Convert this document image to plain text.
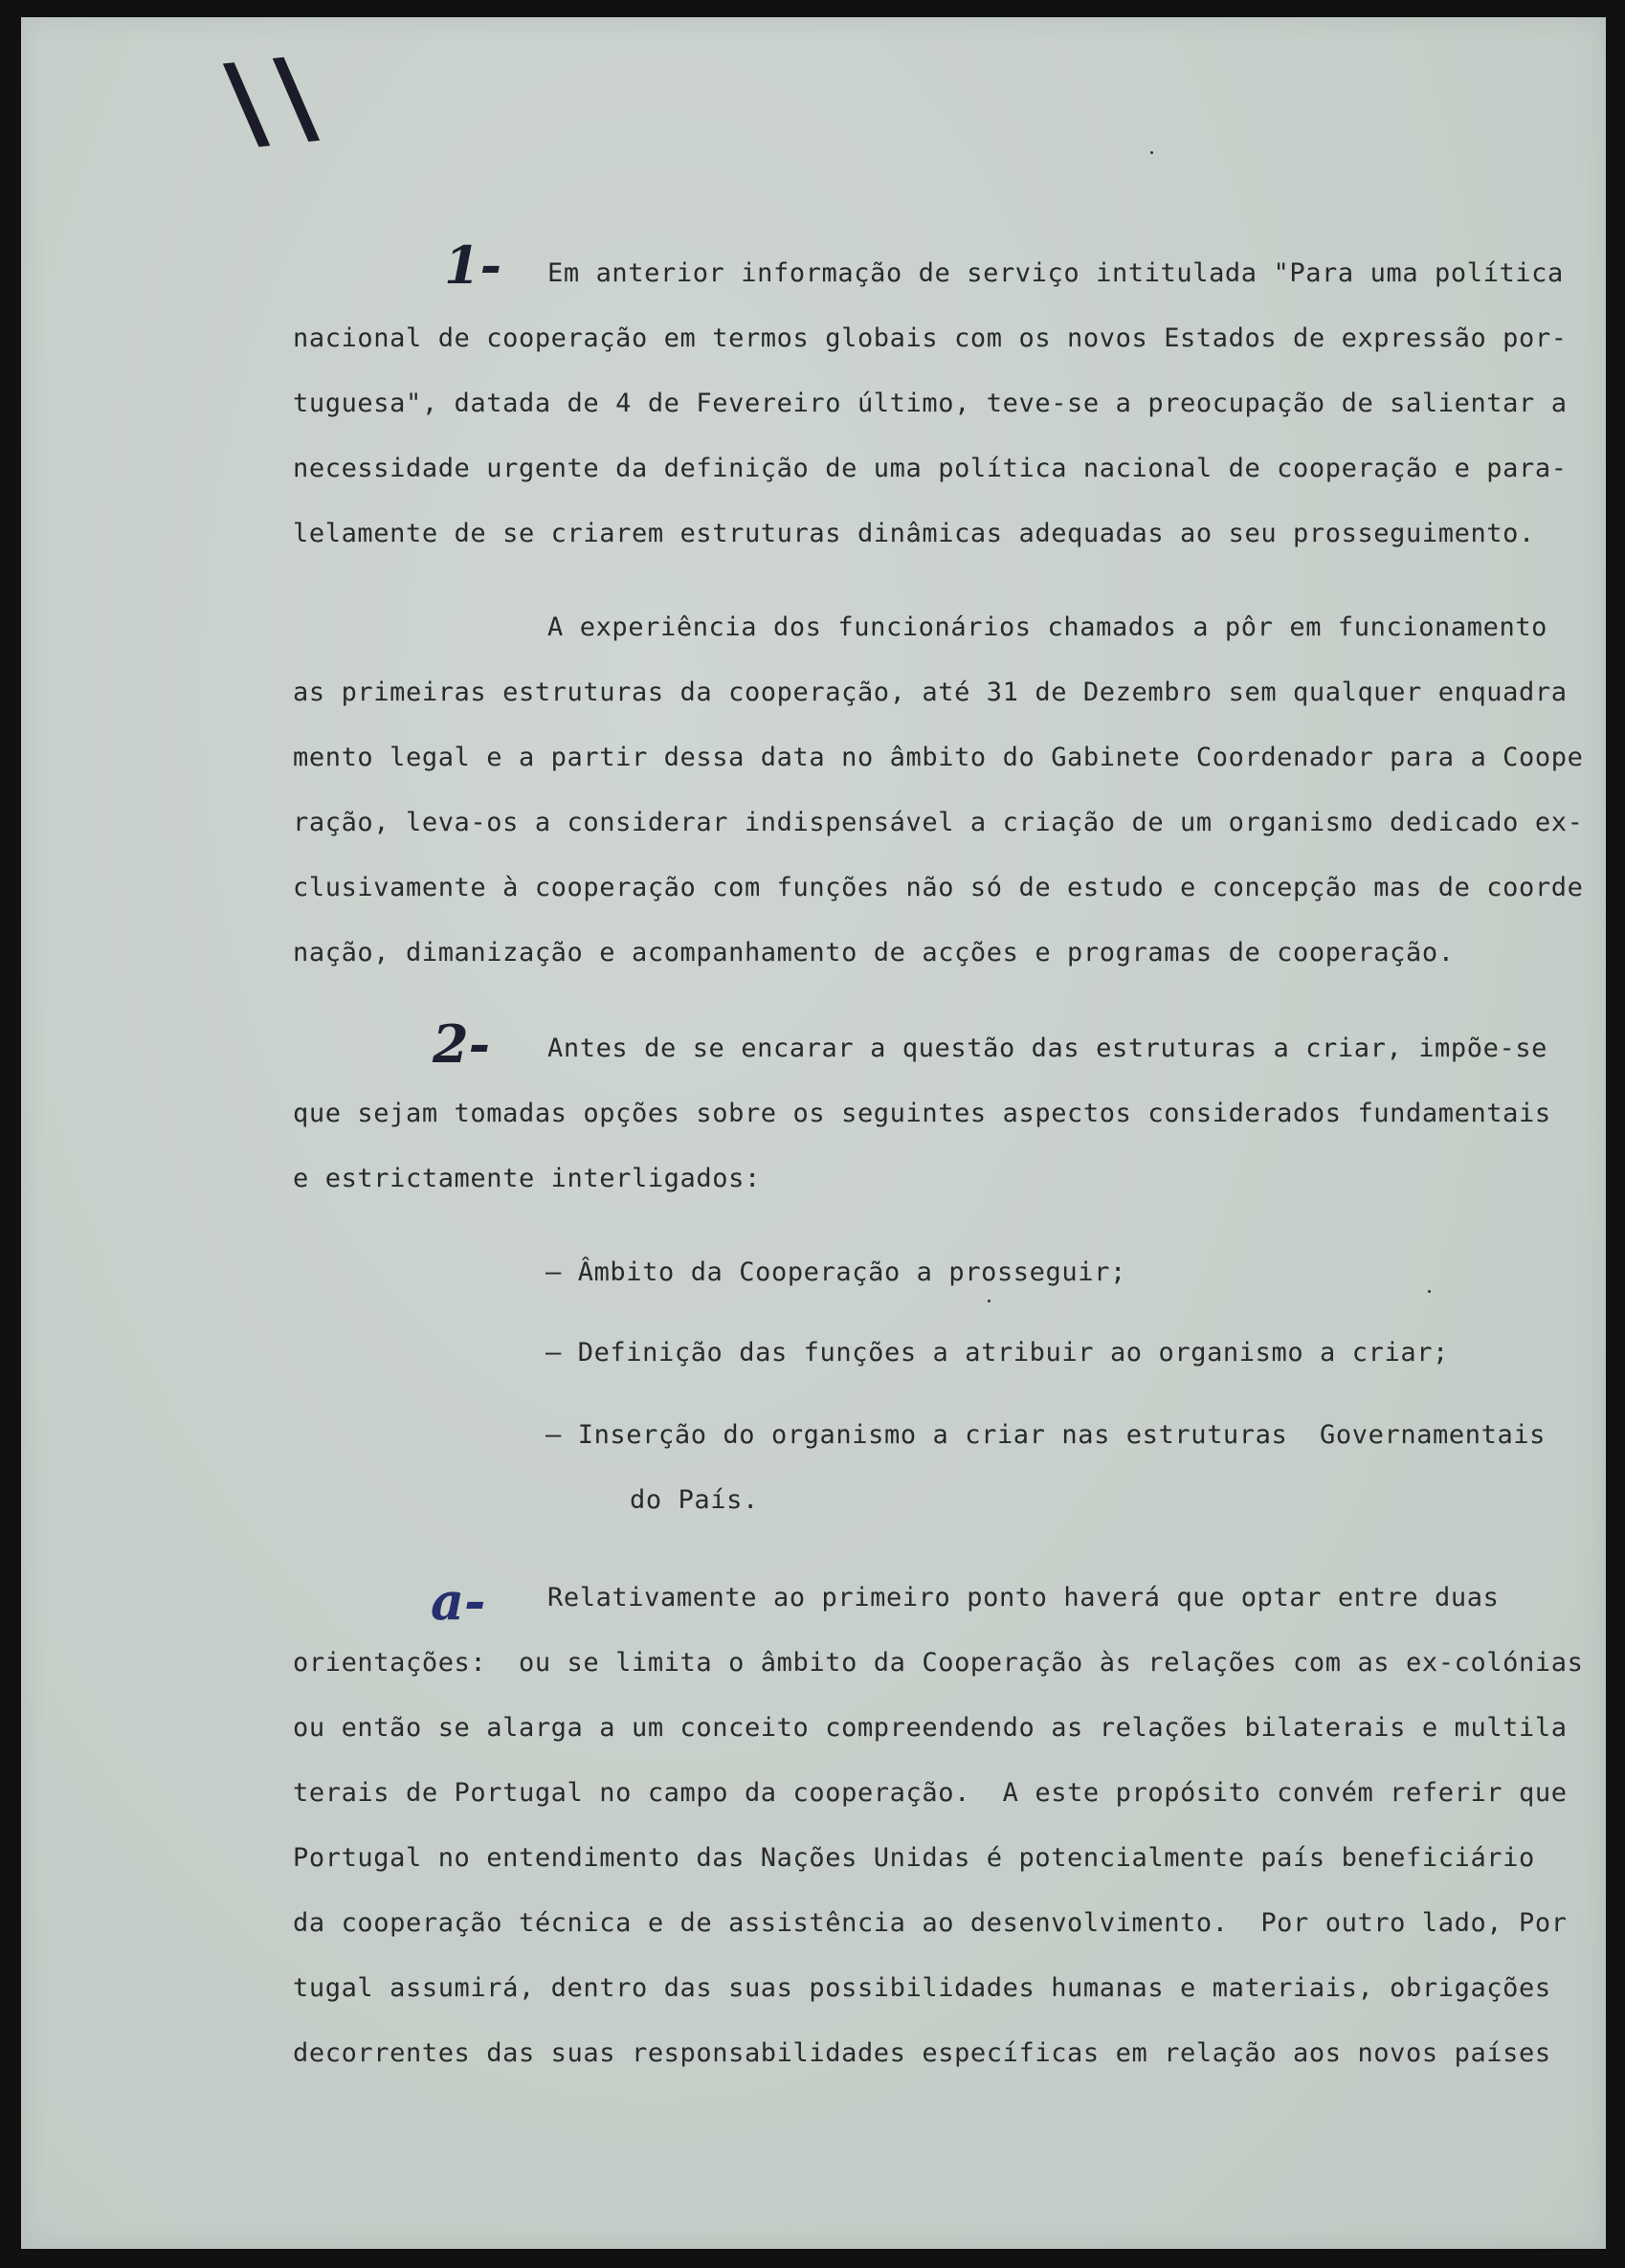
\\
1- Em anterior informação de serviço intitulada "Para uma política
nacional de cooperação em termos globais com os novos Estados de expressão por-
tuguesa", datada de 4 de Fevereiro último, teve-se a preocupação de salientar a
necessidade urgente da definição de uma política nacional de cooperação e para-
lelamente de se criarem estruturas dinâmicas adequadas ao seu prosseguimento.
A experiência dos funcionários chamados a pôr em funcionamento
as primeiras estruturas da cooperação, até 31 de Dezembro sem qualquer enquadra
mento legal e a partir dessa data no âmbito do Gabinete Coordenador para a Coope
ração, leva-os a considerar indispensável a criação de um organismo dedicado ex-
clusivamente à cooperação com funções não só de estudo e concepção mas de coorde
nação, dimanização e acompanhamento de acções e programas de cooperação.
2- Antes de se encarar a questão das estruturas a criar, impõe-se
que sejam tomadas opções sobre os seguintes aspectos considerados fundamentais
e estrictamente interligados:
— Âmbito da Cooperação a prosseguir;
— Definição das funções a atribuir ao organismo a criar;
— Inserção do organismo a criar nas estruturas  Governamentais
do País.
a- Relativamente ao primeiro ponto haverá que optar entre duas
orientações:  ou se limita o âmbito da Cooperação às relações com as ex-colónias
ou então se alarga a um conceito compreendendo as relações bilaterais e multila
terais de Portugal no campo da cooperação.  A este propósito convém referir que
Portugal no entendimento das Nações Unidas é potencialmente país beneficiário
da cooperação técnica e de assistência ao desenvolvimento.  Por outro lado, Por
tugal assumirá, dentro das suas possibilidades humanas e materiais, obrigações
decorrentes das suas responsabilidades específicas em relação aos novos países
